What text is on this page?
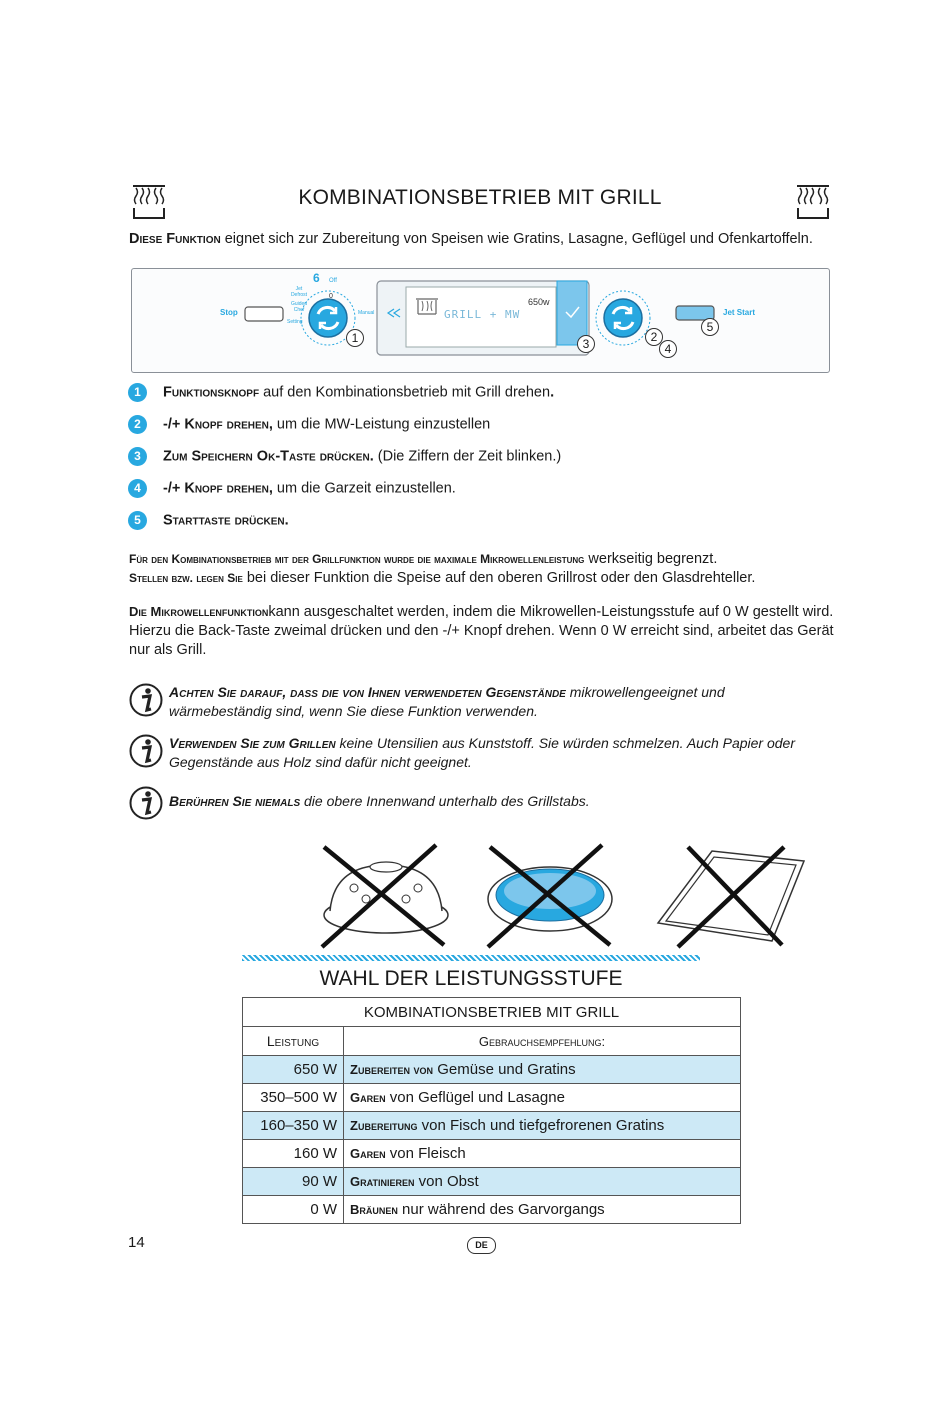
KOMBINATIONSBETRIEB MIT GRILL
Diese Funktion eignet sich zur Zubereitung von Speisen wie Gratins, Lasagne, Geflügel und Ofenkartoffeln.
Stop	Jet Start
6 Off
Jet Defrost
Guided Chef
0
Manual
Setting
650w
GRILL + MW
1	3	2
4
5
1 Funktionsknopf auf den Kombinationsbetrieb mit Grill drehen.
2 -/+ Knopf drehen, um die MW-Leistung einzustellen
3 Zum Speichern Ok-Taste drücken. (Die Ziffern der Zeit blinken.)
4 -/+ Knopf drehen, um die Garzeit einzustellen.
5 Starttaste drücken.
Für den Kombinationsbetrieb mit der Grillfunktion wurde die maximale Mikrowellenleistung werkseitig begrenzt.
Stellen bzw. legen Sie bei dieser Funktion die Speise auf den oberen Grillrost oder den Glasdrehteller.
Die Mikrowellenfunktionkann ausgeschaltet werden, indem die Mikrowellen-Leistungsstufe auf 0 W gestellt wird. Hierzu die Back-Taste zweimal drücken und den -/+ Knopf drehen. Wenn 0 W erreicht sind, arbeitet das Gerät nur als Grill.
Achten Sie darauf, dass die von Ihnen verwendeten Gegenstände mikrowellengeeignet und wärmebeständig sind, wenn Sie diese Funktion verwenden.
Verwenden Sie zum Grillen keine Utensilien aus Kunststoff. Sie würden schmelzen. Auch Papier oder Gegenstände aus Holz sind dafür nicht geeignet.
Berühren Sie niemals die obere Innenwand unterhalb des Grillstabs.
WAHL DER LEISTUNGSSTUFE
KOMBINATIONSBETRIEB MIT GRILL	
Leistung	Gebrauchsempfehlung:
650 W	Zubereiten von Gemüse und Gratins
350–500 W	Garen von Geflügel und Lasagne
160–350 W	Zubereitung von Fisch und tiefgefrorenen Gratins
160 W	Garen von Fleisch
90 W	Gratinieren von Obst
0 W	Bräunen nur während des Garvorgangs
14	DE
